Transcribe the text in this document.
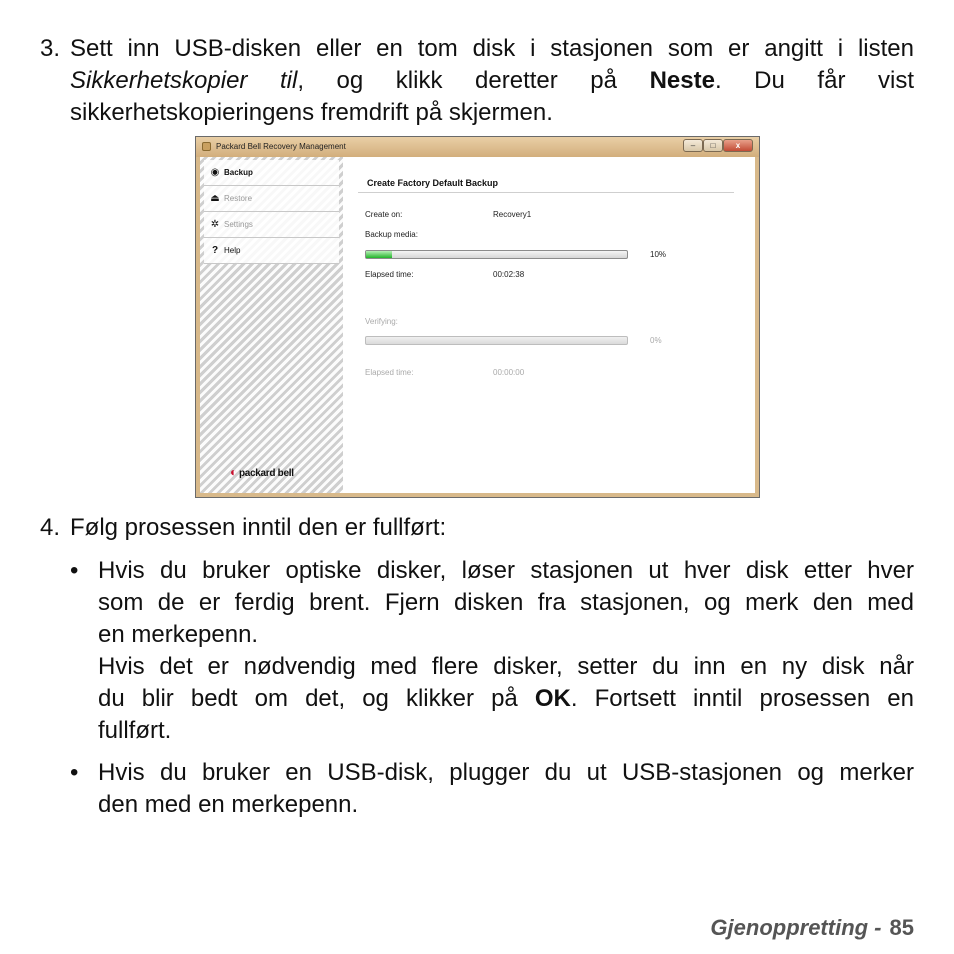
3. Sett inn USB-disken eller en tom disk i stasjonen som er angitt i listen
Sikkerhetskopier til, og klikk deretter på Neste. Du får vist
sikkerhetskopieringens fremdrift på skjermen.
Packard Bell Recovery Management	–	□	x
◉ Backup
⏏ Restore
✲ Settings
? Help
◐ packard bell
Create Factory Default Backup
Create on:	Recovery1
Backup media:
10%
Elapsed time:	00:02:38
Verifying:
0%
Elapsed time:	00:00:00
4. Følg prosessen inntil den er fullført:
• Hvis du bruker optiske disker, løser stasjonen ut hver disk etter hver
som de er ferdig brent. Fjern disken fra stasjonen, og merk den med
en merkepenn.
Hvis det er nødvendig med flere disker, setter du inn en ny disk når
du blir bedt om det, og klikker på OK. Fortsett inntil prosessen en
fullført.
• Hvis du bruker en USB-disk, plugger du ut USB-stasjonen og merker
den med en merkepenn.
Gjenoppretting - 85
